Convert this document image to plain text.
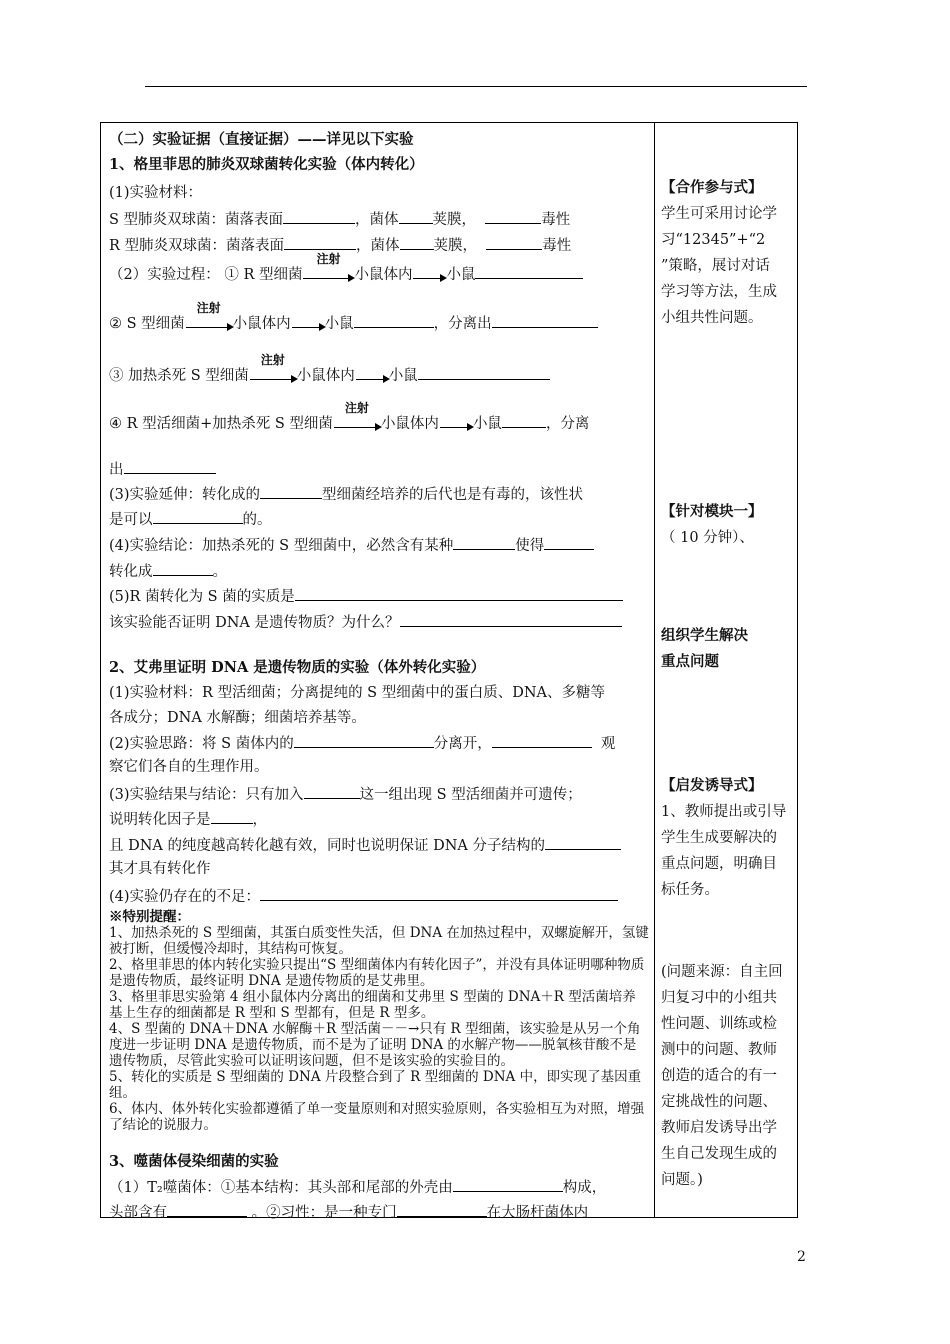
（二）实验证据（直接证据）——详见以下实验
1、格里菲思的肺炎双球菌转化实验（体内转化）
(1)实验材料：
S 型肺炎双球菌：菌落表面	，菌体 荚膜，	毒性
R 型肺炎双球菌：菌落表面	，菌体 荚膜，	毒性
（2）实验过程： ① R 型细菌
注射
小鼠体内 小鼠
② S 型细菌
注射
小鼠体内 小鼠	，分离出
③ 加热杀死 S 型细菌
注射
小鼠体内 小鼠
④ R 型活细菌+加热杀死 S 型细菌
注射
小鼠体内 小鼠	，分离
出
(3)实验延伸：转化成的	型细菌经培养的后代也是有毒的，该性状
是可以	的。
(4)实验结论：加热杀死的 S 型细菌中，必然含有某种	使得
转化成	。
(5)R 菌转化为 S 菌的实质是
该实验能否证明 DNA 是遗传物质？为什么？
2、艾弗里证明 DNA 是遗传物质的实验（体外转化实验）
(1)实验材料：R 型活细菌；分离提纯的 S 型细菌中的蛋白质、DNA、多糖等
各成分；DNA 水解酶；细菌培养基等。
(2)实验思路：将 S 菌体内的	分离开，	观
察它们各自的生理作用。
(3)实验结果与结论：只有加入	这一组出现 S 型活细菌并可遗传；
说明转化因子是	，
且 DNA 的纯度越高转化越有效，同时也说明保证 DNA 分子结构的
其才具有转化作
(4)实验仍存在的不足：

※特别提醒：

1、加热杀死的 S 型细菌，其蛋白质变性失活，但 DNA 在加热过程中，双螺旋解开，氢键被打断，但缓慢冷却时，其结构可恢复。

2、格里菲思的体内转化实验只提出“S 型细菌体内有转化因子”，并没有具体证明哪种物质是遗传物质，最终证明 DNA 是遗传物质的是艾弗里。

3、格里菲思实验第 4 组小鼠体内分离出的细菌和艾弗里 S 型菌的 DNA＋R 型活菌培养基上生存的细菌都是 R 型和 S 型都有，但是 R 型多。

4、S 型菌的 DNA＋DNA 水解酶＋R 型活菌－－→只有 R 型细菌，该实验是从另一个角度进一步证明 DNA 是遗传物质，而不是为了证明 DNA 的水解产物——脱氧核苷酸不是遗传物质，尽管此实验可以证明该问题，但不是该实验的实验目的。

5、转化的实质是 S 型细菌的 DNA 片段整合到了 R 型细菌的 DNA 中，即实现了基因重组。

6、体内、体外转化实验都遵循了单一变量原则和对照实验原则，各实验相互为对照，增强了结论的说服力。

3、噬菌体侵染细菌的实验
（1）T₂噬菌体：①基本结构：其头部和尾部的外壳由	构成，
头部含有	。②习性：是一种专门	在大肠杆菌体内
【合作参与式】
学生可采用讨论学
习“12345”+“2
”策略，展讨对话
学习等方法，生成
小组共性问题。
【针对模块一】
（ 10 分钟）、
组织学生解决
重点问题
【启发诱导式】
1、教师提出或引导
学生生成要解决的
重点问题，明确目
标任务。
(问题来源：自主回
归复习中的小组共
性问题、训练或检
测中的问题、教师
创造的适合的有一
定挑战性的问题、
教师启发诱导出学
生自己发现生成的
问题。)
2
